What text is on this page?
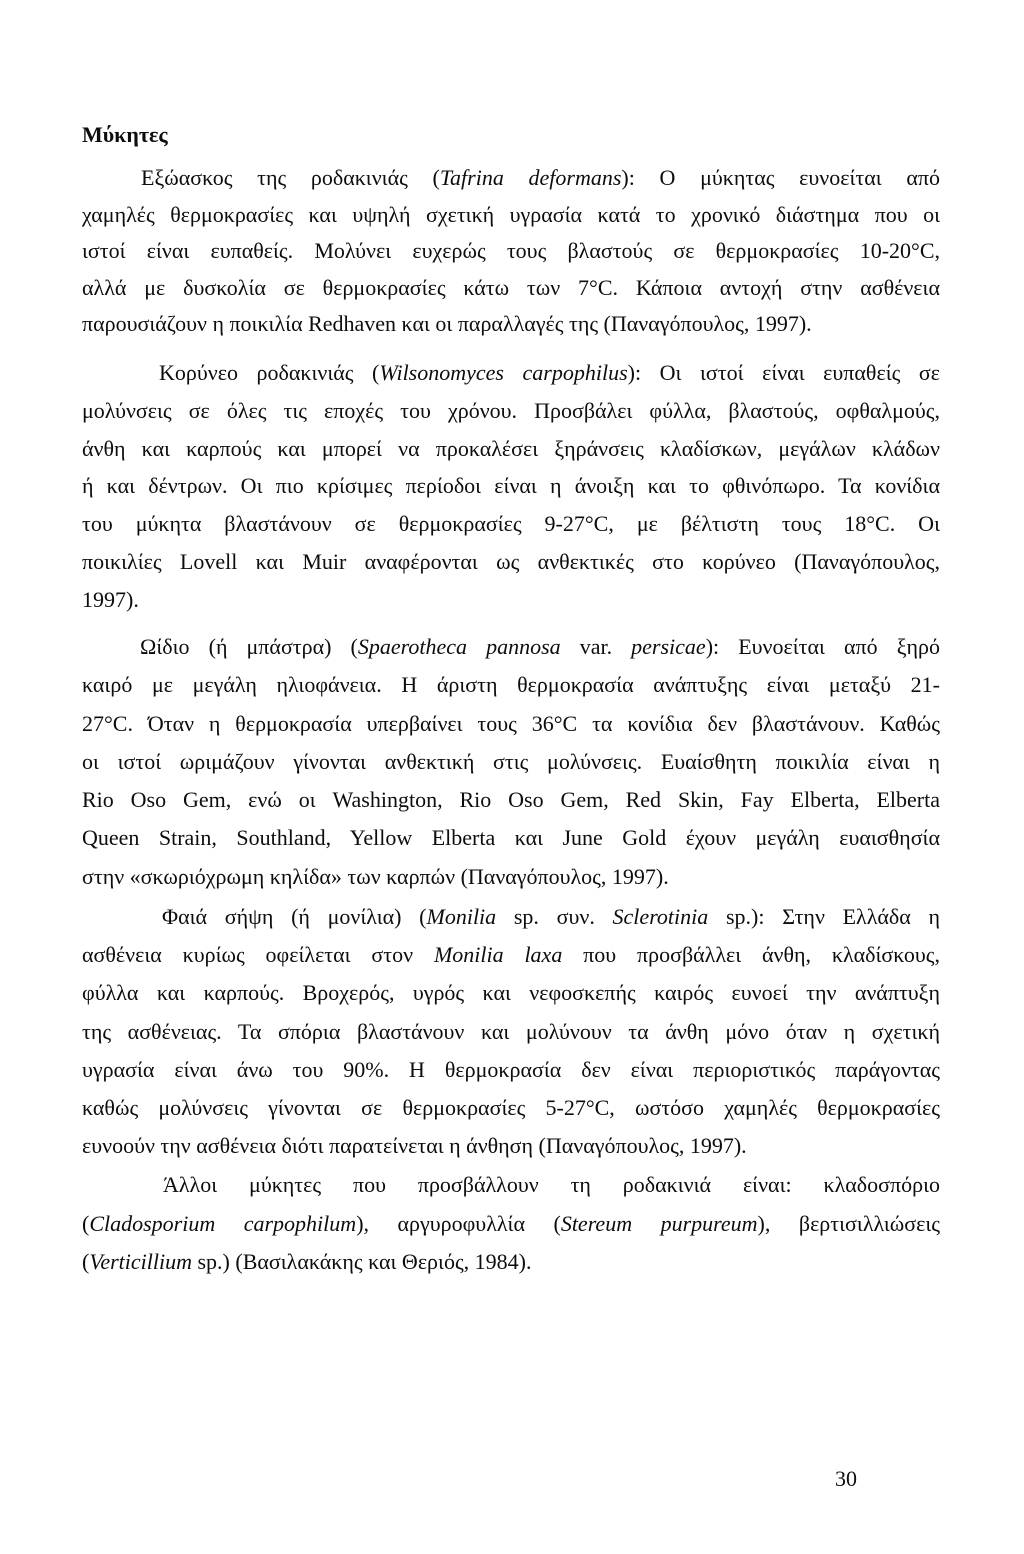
Μύκητες
Εξώασκος της ροδακινιάς (Tafrina deformans): Ο μύκητας ευνοείται από
χαμηλές θερμοκρασίες και υψηλή σχετική υγρασία κατά το χρονικό διάστημα που οι
ιστοί είναι ευπαθείς. Μολύνει ευχερώς τους βλαστούς σε θερμοκρασίες 10-20°C,
αλλά με δυσκολία σε θερμοκρασίες κάτω των 7°C. Κάποια αντοχή στην ασθένεια
παρουσιάζουν η ποικιλία Redhaven και οι παραλλαγές της (Παναγόπουλος, 1997).
Κορύνεο ροδακινιάς (Wilsonomyces carpophilus): Οι ιστοί είναι ευπαθείς σε
μολύνσεις σε όλες τις εποχές του χρόνου. Προσβάλει φύλλα, βλαστούς, οφθαλμούς,
άνθη και καρπούς και μπορεί να προκαλέσει ξηράνσεις κλαδίσκων, μεγάλων κλάδων
ή και δέντρων. Οι πιο κρίσιμες περίοδοι είναι η άνοιξη και το φθινόπωρο. Τα κονίδια
του μύκητα βλαστάνουν σε θερμοκρασίες 9-27°C, με βέλτιστη τους 18°C. Οι
ποικιλίες Lovell και Muir αναφέρονται ως ανθεκτικές στο κορύνεο (Παναγόπουλος,
1997).
Ωίδιο (ή μπάστρα) (Spaerotheca pannosa var. persicae): Ευνοείται από ξηρό
καιρό με μεγάλη ηλιοφάνεια. Η άριστη θερμοκρασία ανάπτυξης είναι μεταξύ 21-
27°C. Όταν η θερμοκρασία υπερβαίνει τους 36°C τα κονίδια δεν βλαστάνουν. Καθώς
οι ιστοί ωριμάζουν γίνονται ανθεκτική στις μολύνσεις. Ευαίσθητη ποικιλία είναι η
Rio Oso Gem, ενώ οι Washington, Rio Oso Gem, Red Skin, Fay Elberta, Elberta
Queen Strain, Southland, Yellow Elberta και June Gold έχουν μεγάλη ευαισθησία
στην «σκωριόχρωμη κηλίδα» των καρπών (Παναγόπουλος, 1997).
Φαιά σήψη (ή μονίλια) (Monilia sp. συν. Sclerotinia sp.): Στην Ελλάδα η
ασθένεια κυρίως οφείλεται στον Monilia laxa που προσβάλλει άνθη, κλαδίσκους,
φύλλα και καρπούς. Βροχερός, υγρός και νεφοσκεπής καιρός ευνοεί την ανάπτυξη
της ασθένειας. Τα σπόρια βλαστάνουν και μολύνουν τα άνθη μόνο όταν η σχετική
υγρασία είναι άνω του 90%. Η θερμοκρασία δεν είναι περιοριστικός παράγοντας
καθώς μολύνσεις γίνονται σε θερμοκρασίες 5-27°C, ωστόσο χαμηλές θερμοκρασίες
ευνοούν την ασθένεια διότι παρατείνεται η άνθηση (Παναγόπουλος, 1997).
Άλλοι μύκητες που προσβάλλουν τη ροδακινιά είναι: κλαδοσπόριο
(Cladosporium carpophilum), αργυροφυλλία (Stereum purpureum), βερτισιλλιώσεις
(Verticillium sp.) (Βασιλακάκης και Θεριός, 1984).
30
